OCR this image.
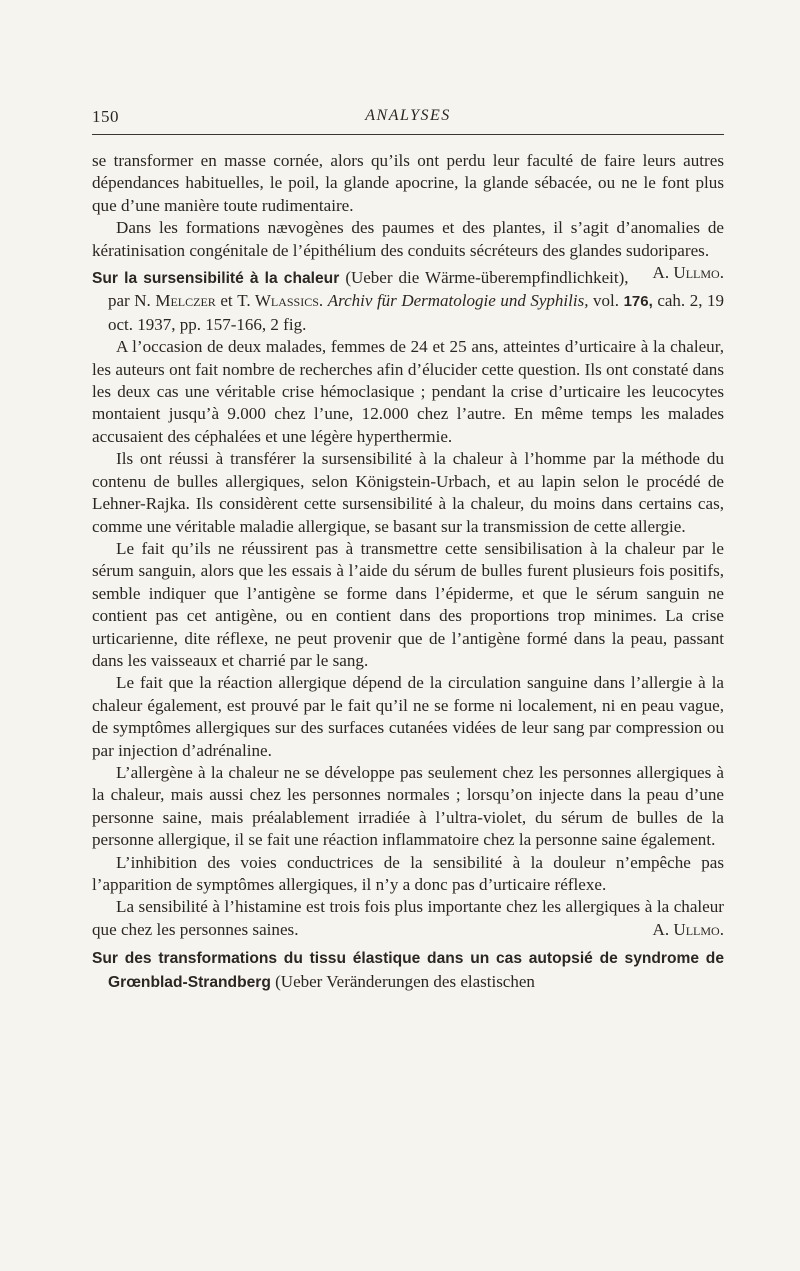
150	ANALYSES

se transformer en masse cornée, alors qu’ils ont perdu leur faculté de faire leurs autres dépendances habituelles, le poil, la glande apocrine, la glande sébacée, ou ne le font plus que d’une manière toute rudimentaire.

Dans les formations nævogènes des paumes et des plantes, il s’agit d’anomalies de kératinisation congénitale de l’épithélium des conduits sécréteurs des glandes sudoripares.
A. Ullmo.

Sur la sursensibilité à la chaleur (Ueber die Wärme-überempfindlichkeit), par N. Melczer et T. Wlassics. Archiv für Dermatologie und Syphilis, vol. 176, cah. 2, 19 oct. 1937, pp. 157-166, 2 fig.

A l’occasion de deux malades, femmes de 24 et 25 ans, atteintes d’urticaire à la chaleur, les auteurs ont fait nombre de recherches afin d’élucider cette question. Ils ont constaté dans les deux cas une véritable crise hémoclasique ; pendant la crise d’urticaire les leucocytes montaient jusqu’à 9.000 chez l’une, 12.000 chez l’autre. En même temps les malades accusaient des céphalées et une légère hyperthermie.

Ils ont réussi à transférer la sursensibilité à la chaleur à l’homme par la méthode du contenu de bulles allergiques, selon Königstein-Urbach, et au lapin selon le procédé de Lehner-Rajka. Ils considèrent cette sursensibilité à la chaleur, du moins dans certains cas, comme une véritable maladie allergique, se basant sur la transmission de cette allergie.

Le fait qu’ils ne réussirent pas à transmettre cette sensibilisation à la chaleur par le sérum sanguin, alors que les essais à l’aide du sérum de bulles furent plusieurs fois positifs, semble indiquer que l’antigène se forme dans l’épiderme, et que le sérum sanguin ne contient pas cet antigène, ou en contient dans des proportions trop minimes. La crise urticarienne, dite réflexe, ne peut provenir que de l’antigène formé dans la peau, passant dans les vaisseaux et charrié par le sang.

Le fait que la réaction allergique dépend de la circulation sanguine dans l’allergie à la chaleur également, est prouvé par le fait qu’il ne se forme ni localement, ni en peau vague, de symptômes allergiques sur des surfaces cutanées vidées de leur sang par compression ou par injection d’adrénaline.

L’allergène à la chaleur ne se développe pas seulement chez les personnes allergiques à la chaleur, mais aussi chez les personnes normales ; lorsqu’on injecte dans la peau d’une personne saine, mais préalablement irradiée à l’ultra-violet, du sérum de bulles de la personne allergique, il se fait une réaction inflammatoire chez la personne saine également.

L’inhibition des voies conductrices de la sensibilité à la douleur n’empêche pas l’apparition de symptômes allergiques, il n’y a donc pas d’urticaire réflexe.

La sensibilité à l’histamine est trois fois plus importante chez les allergiques à la chaleur que chez les personnes saines.	A. Ullmo.

Sur des transformations du tissu élastique dans un cas autopsié de syndrome de Grœnblad-Strandberg (Ueber Veränderungen des elastischen
